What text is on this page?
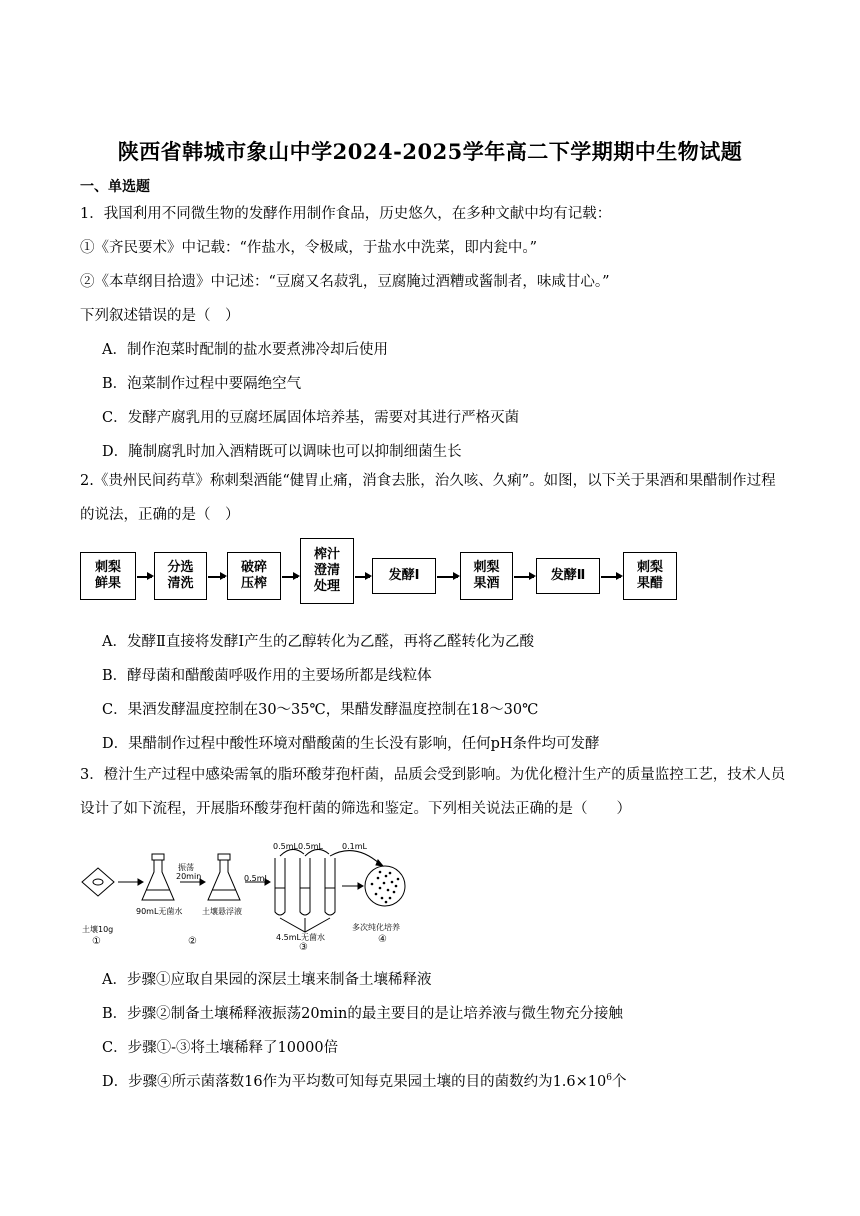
陕西省韩城市象山中学2024-2025学年高二下学期期中生物试题
一、单选题
1．我国利用不同微生物的发酵作用制作食品，历史悠久，在多种文献中均有记载：
①《齐民要术》中记载：“作盐水，令极咸，于盐水中洗菜，即内瓮中。”
②《本草纲目拾遗》中记述：“豆腐又名菽乳，豆腐腌过酒糟或酱制者，味咸甘心。”
下列叙述错误的是（　）
A．制作泡菜时配制的盐水要煮沸冷却后使用
B．泡菜制作过程中要隔绝空气
C．发酵产腐乳用的豆腐坯属固体培养基，需要对其进行严格灭菌
D．腌制腐乳时加入酒精既可以调味也可以抑制细菌生长
2.《贵州民间药草》称刺梨酒能“健胃止痛，消食去胀，治久咳、久痢”。如图，以下关于果酒和果醋制作过程的说法，正确的是（　）
刺梨
鲜果
分选
清洗
破碎
压榨
榨汁
澄清
处理
发酵Ⅰ
刺梨
果酒
发酵Ⅱ
刺梨
果醋
A．发酵Ⅱ直接将发酵Ⅰ产生的乙醇转化为乙醛，再将乙醛转化为乙酸
B．酵母菌和醋酸菌呼吸作用的主要场所都是线粒体
C．果酒发酵温度控制在30～35℃，果醋发酵温度控制在18～30℃
D．果醋制作过程中酸性环境对醋酸菌的生长没有影响，任何pH条件均可发酵
3．橙汁生产过程中感染需氧的脂环酸芽孢杆菌，品质会受到影响。为优化橙汁生产的质量监控工艺，技术人员设计了如下流程，开展脂环酸芽孢杆菌的筛选和鉴定。下列相关说法正确的是（　　）
土壤10g
①
90mL无菌水
②
振荡
20min	0.5mL
土壤悬浮液
0.5mL 0.5mL 0.1mL
4.5mL无菌水
③
多次纯化培养
④
A．步骤①应取自果园的深层土壤来制备土壤稀释液
B．步骤②制备土壤稀释液振荡20min的最主要目的是让培养液与微生物充分接触
C．步骤①-③将土壤稀释了10000倍
D．步骤④所示菌落数16作为平均数可知每克果园土壤的目的菌数约为$1.6\times 10^6$个
